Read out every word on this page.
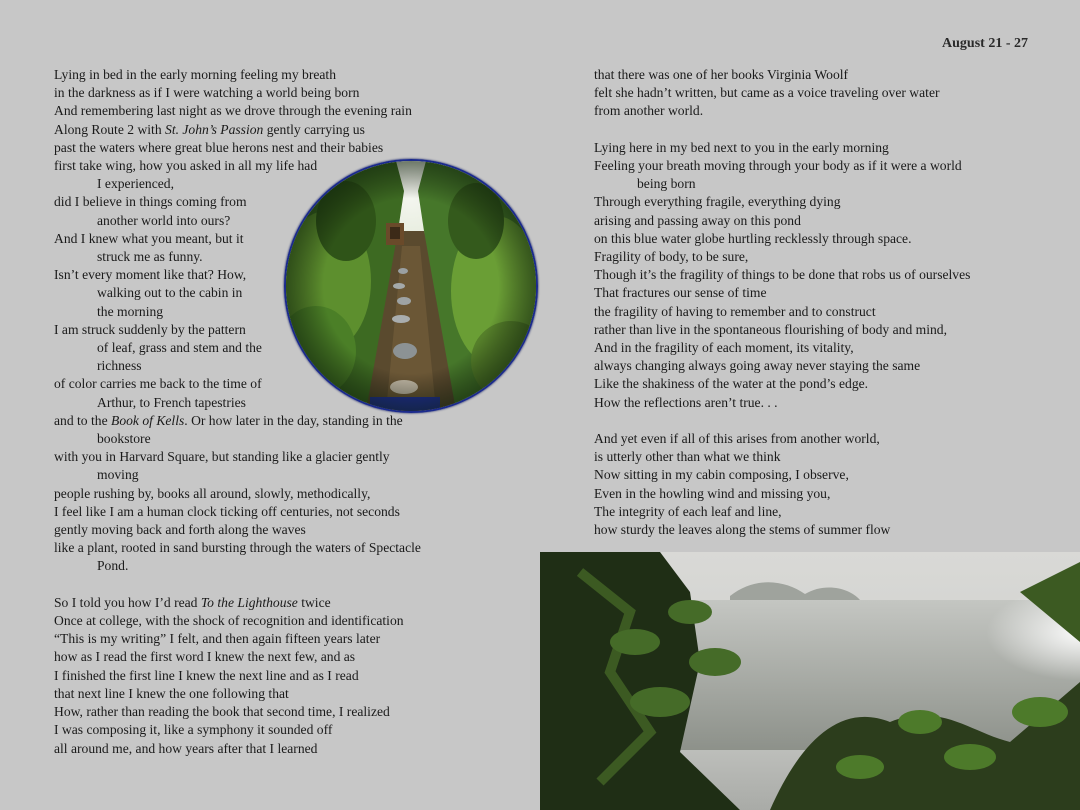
August 21 - 27
Lying in bed in the early morning feeling my breath
in the darkness as if I were watching a world being born
And remembering last night as we drove through the evening rain
Along Route 2 with St. John’s Passion gently carrying us
past the waters where great blue herons nest and their babies
first take wing, how you asked in all my life had
I experienced,
did I believe in things coming from
another world into ours?
And I knew what you meant, but it
struck me as funny.
Isn’t every moment like that? How,
walking out to the cabin in
the morning
I am struck suddenly by the pattern
of leaf, grass and stem and the
richness
of color carries me back to the time of
Arthur, to French tapestries
and to the Book of Kells. Or how later in the day, standing in the
bookstore
with you in Harvard Square, but standing like a glacier gently
moving
people rushing by, books all around, slowly, methodically,
I feel like I am a human clock ticking off centuries, not seconds
gently moving back and forth along the waves
like a plant, rooted in sand bursting through the waters of Spectacle
Pond.
So I told you how I’d read To the Lighthouse twice
Once at college, with the shock of recognition and identification
“This is my writing” I felt, and then again fifteen years later
how as I read the first word I knew the next few, and as
I finished the first line I knew the next line and as I read
that next line I knew the one following that
How, rather than reading the book that second time, I realized
I was composing it, like a symphony it sounded off
all around me, and how years after that I learned
that there was one of her books Virginia Woolf
felt she hadn’t written, but came as a voice traveling over water
from another world.
Lying here in my bed next to you in the early morning
Feeling your breath moving through your body as if it were a world
being born
Through everything fragile, everything dying
arising and passing away on this pond
on this blue water globe hurtling recklessly through space.
Fragility of body, to be sure,
Though it’s the fragility of things to be done that robs us of ourselves
That fractures our sense of time
the fragility of having to remember and to construct
rather than live in the spontaneous flourishing of body and mind,
And in the fragility of each moment, its vitality,
always changing always going away never staying the same
Like the shakiness of the water at the pond’s edge.
How the reflections aren’t true. . .
And yet even if all of this arises from another world,
is utterly other than what we think
Now sitting in my cabin composing, I observe,
Even in the howling wind and missing you,
The integrity of each leaf and line,
how sturdy the leaves along the stems of summer flow
